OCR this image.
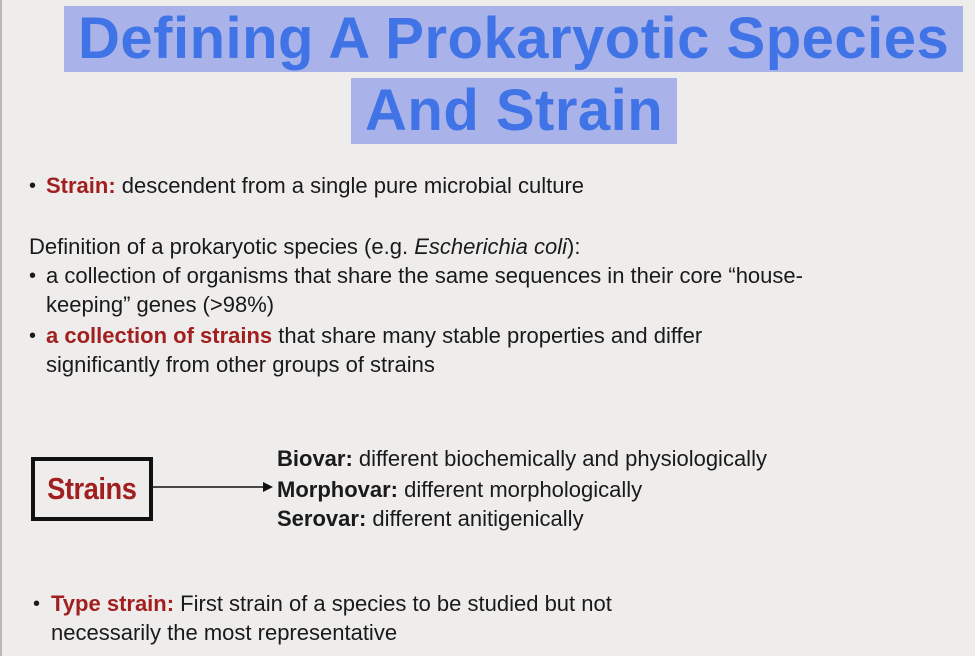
Defining A Prokaryotic Species
And Strain
• Strain: descendent from a single pure microbial culture
Definition of a prokaryotic species (e.g. Escherichia coli):
• a collection of organisms that share the same sequences in their core “house-
keeping” genes (>98%)
• a collection of strains that share many stable properties and differ
significantly from other groups of strains
Strains
Biovar: different biochemically and physiologically
Morphovar: different morphologically
Serovar: different anitigenically
• Type strain: First strain of a species to be studied but not
necessarily the most representative
